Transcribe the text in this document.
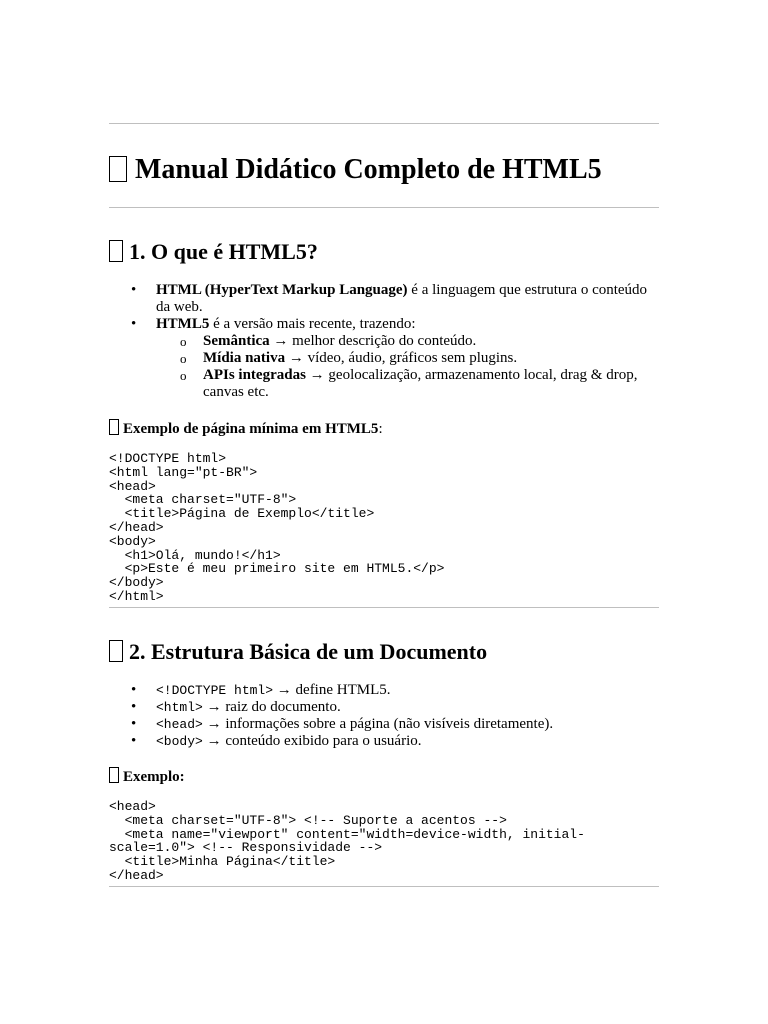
Manual Didático Completo de HTML5
1. O que é HTML5?
• HTML (HyperText Markup Language) é a linguagem que estrutura o conteúdo da web.
• HTML5 é a versão mais recente, trazendo:
o Semântica → melhor descrição do conteúdo.
o Mídia nativa → vídeo, áudio, gráficos sem plugins.
o APIs integradas → geolocalização, armazenamento local, drag & drop, canvas etc.
Exemplo de página mínima em HTML5:
<!DOCTYPE html>
<html lang="pt-BR">
<head>
<meta charset="UTF-8">
<title>Página de Exemplo</title>
</head>
<body>
<h1>Olá, mundo!</h1>
<p>Este é meu primeiro site em HTML5.</p>
</body>
</html>
2. Estrutura Básica de um Documento
• <!DOCTYPE html> → define HTML5.
• <html> → raiz do documento.
• <head> → informações sobre a página (não visíveis diretamente).
• <body> → conteúdo exibido para o usuário.
Exemplo:
<head>
<meta charset="UTF-8"> <!-- Suporte a acentos -->
<meta name="viewport" content="width=device-width, initial-
scale=1.0"> <!-- Responsividade -->
<title>Minha Página</title>
</head>
